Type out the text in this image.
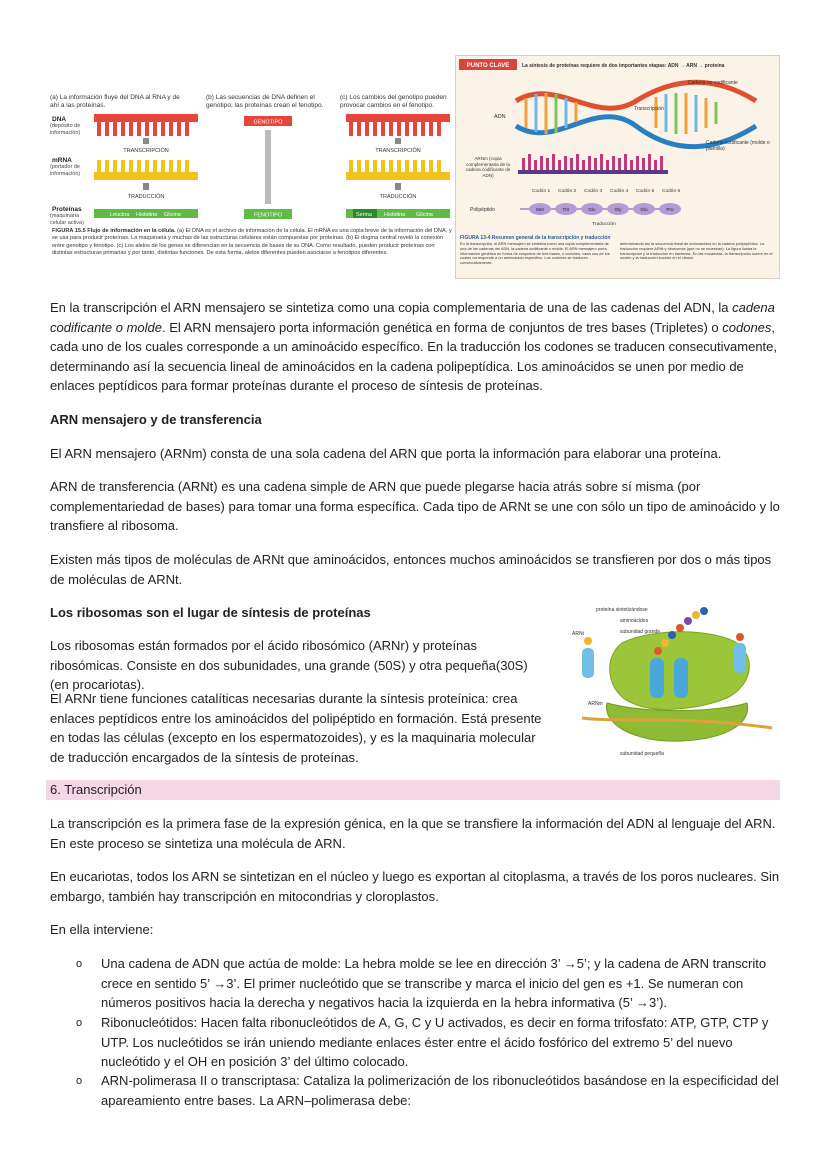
(a) La información fluye del DNA al RNA y de ahí a las proteínas.
(b) Las secuencias de DNA definen el genotipo; las proteínas crean el fenotipo.
(c) Los cambios del genotipo pueden provocar cambios en el fenotipo.
DNA
(depósito de información)
mRNA
(portador de información)
Proteínas
(maquinaria celular activa)
TRANSCRIPCIÓN
TRADUCCIÓN
Leucina Histidina Glicina
GENOTIPO
FENOTIPO
TRANSCRIPCIÓN
TRADUCCIÓN
Serina Histidina Glicina
FIGURA 15.5 Flujo de información en la célula. (a) El DNA es el archivo de información de la célula. El mRNA es una copia breve de la información del DNA, y se usa para producir proteínas. La maquinaria y muchas de las estructuras celulares están compuestas por proteínas. (b) El dogma central reveló la conexión entre genotipo y fenotipo. (c) Los alelos de los genes se diferencian en la secuencia de bases de su DNA. Como resultado, pueden producir proteínas con distintas estructuras primarias y por tanto, distintas funciones. De esta forma, alelos diferentes pueden asociarse a fenotipos diferentes.
PUNTO CLAVE	La síntesis de proteínas requiere de dos importantes etapas: ADN → ARN → proteína
ADN
Cadena no codificante
Transcripción
Cadena codificante (molde o plantilla)
ARNm (copia complementaria de la cadena codificante de ADN)
Codón 1 Codón 2 Codón 3 Codón 4 Codón 5 Codón 6
Polipéptido	Met	Thr	Glu	Gly	Glu	Pro
Traducción
FIGURA 13-4 Resumen general de la transcripción y traducción
En la transcripción, el ARN mensajero se sintetiza como una copia complementaria de una de las cadenas del ADN, la cadena codificante o molde. El ARN mensajero porta información genética en forma de conjuntos de tres bases, o codones, cada uno de los cuales corresponde a un aminoácido específico. Los codones se traducen consecutivamente.
determinando así la secuencia lineal de aminoácidos en la cadena polipeptídica. La traducción requiere ARNt y ribosomas (que no se muestran). La figura ilustra la transcripción y la traducción en bacterias. En las eucariotas, la transcripción ocurre en el núcleo y la traducción sucede en el citosol.

En la transcripción el ARN mensajero se sintetiza como una copia complementaria de una de las cadenas del ADN, la cadena codificante o molde. El ARN mensajero porta información genética en forma de conjuntos de tres bases (Tripletes) o codones, cada uno de los cuales corresponde a un aminoácido específico. En la traducción los codones se traducen consecutivamente, determinando así la secuencia lineal de aminoácidos en la cadena polipeptídica. Los aminoácidos se unen por medio de enlaces peptídicos para formar proteínas durante el proceso de síntesis de proteínas.

ARN mensajero y de transferencia

El ARN mensajero (ARNm) consta de una sola cadena del ARN que porta la información para elaborar una proteína.

ARN de transferencia (ARNt) es una cadena simple de ARN que puede plegarse hacia atrás sobre sí misma (por complementariedad de bases) para tomar una forma específica. Cada tipo de ARNt se une con sólo un tipo de aminoácido y lo transfiere al ribosoma.

Existen más tipos de moléculas de ARNt que aminoácidos, entonces muchos aminoácidos se transfieren por dos o más tipos de moléculas de ARNt.

Los ribosomas son el lugar de síntesis de proteínas

Los ribosomas están formados por el ácido ribosómico (ARNr) y proteínas ribosómicas. Consiste en dos subunidades, una grande (50S) y otra pequeña(30S) (en procariotas).

El ARNr tiene funciones catalíticas necesarias durante la síntesis proteínica: crea enlaces peptídicos entre los aminoácidos del polipéptido en formación. Está presente en todas las células (excepto en los espermatozoides), y es la maquinaria molecular de traducción encargados de la síntesis de proteínas.

proteína sintetizándose
aminoácidos
subunidad grande
ARNt
ARNm
subunidad pequeña
6. Transcripción

La transcripción es la primera fase de la expresión génica, en la que se transfiere la información del ADN al lenguaje del ARN. En este proceso se sintetiza una molécula de ARN.

En eucariotas, todos los ARN se sintetizan en el núcleo y luego es exportan al citoplasma, a través de los poros nucleares. Sin embargo, también hay transcripción en mitocondrias y cloroplastos.

En ella interviene:

o Una cadena de ADN que actúa de molde: La hebra molde se lee en dirección 3’ →5’; y la cadena de ARN transcrito crece en sentido 5’ →3’. El primer nucleótido que se transcribe y marca el inicio del gen es +1. Se numeran con números positivos hacia la derecha y negativos hacia la izquierda en la hebra informativa (5’ →3’).

o Ribonucleótidos: Hacen falta ribonucleótidos de A, G, C y U activados, es decir en forma trifosfato: ATP, GTP, CTP y UTP. Los nucleótidos se irán uniendo mediante enlaces éster entre el ácido fosfórico del extremo 5’ del nuevo nucleótido y el OH en posición 3’ del último colocado.

o ARN-polimerasa II o transcriptasa: Cataliza la polimerización de los ribonucleótidos basándose en la especificidad del apareamiento entre bases. La ARN–polimerasa debe:
